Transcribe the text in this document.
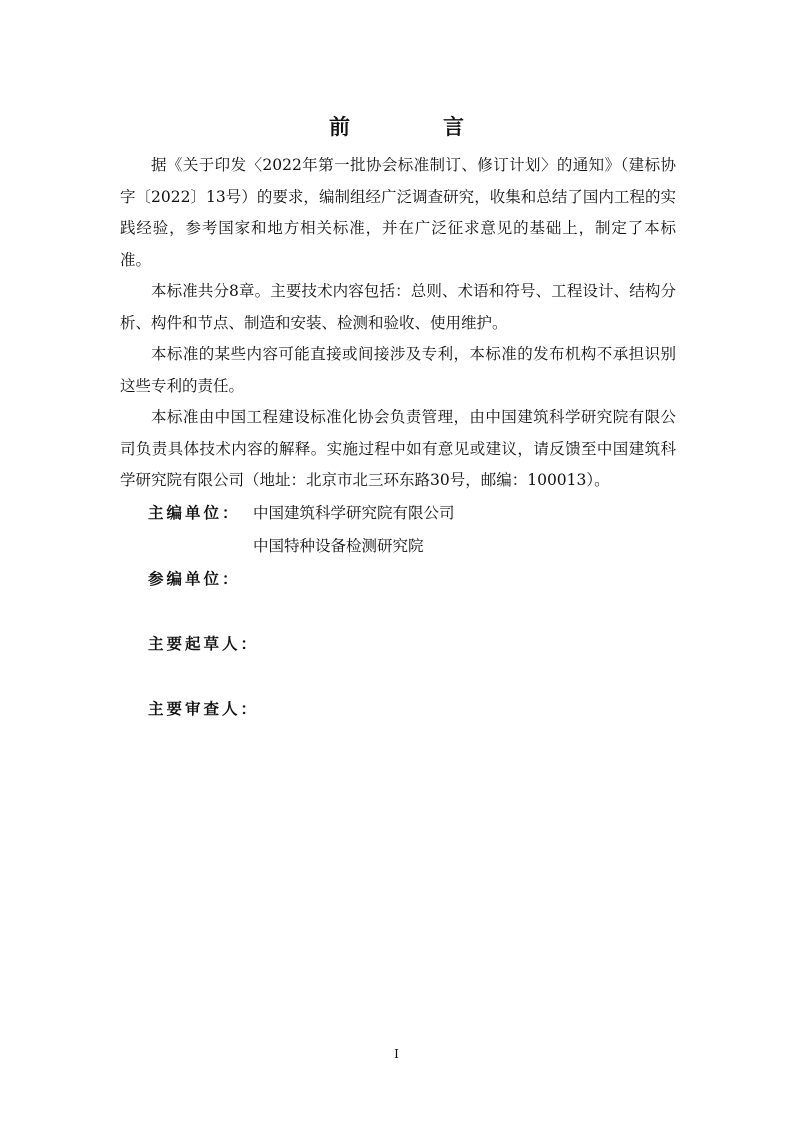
前　言

据《关于印发〈2022年第一批协会标准制订、修订计划〉的通知》（建标协字〔2022〕13号）的要求，编制组经广泛调查研究，收集和总结了国内工程的实践经验，参考国家和地方相关标准，并在广泛征求意见的基础上，制定了本标准。

本标准共分8章。主要技术内容包括：总则、术语和符号、工程设计、结构分析、构件和节点、制造和安装、检测和验收、使用维护。

本标准的某些内容可能直接或间接涉及专利，本标准的发布机构不承担识别这些专利的责任。

本标准由中国工程建设标准化协会负责管理，由中国建筑科学研究院有限公司负责具体技术内容的解释。实施过程中如有意见或建议，请反馈至中国建筑科学研究院有限公司（地址：北京市北三环东路30号，邮编：100013）。

主编单位： 中国建筑科学研究院有限公司
中国特种设备检测研究院
参编单位：
主要起草人：
主要审查人：
I
